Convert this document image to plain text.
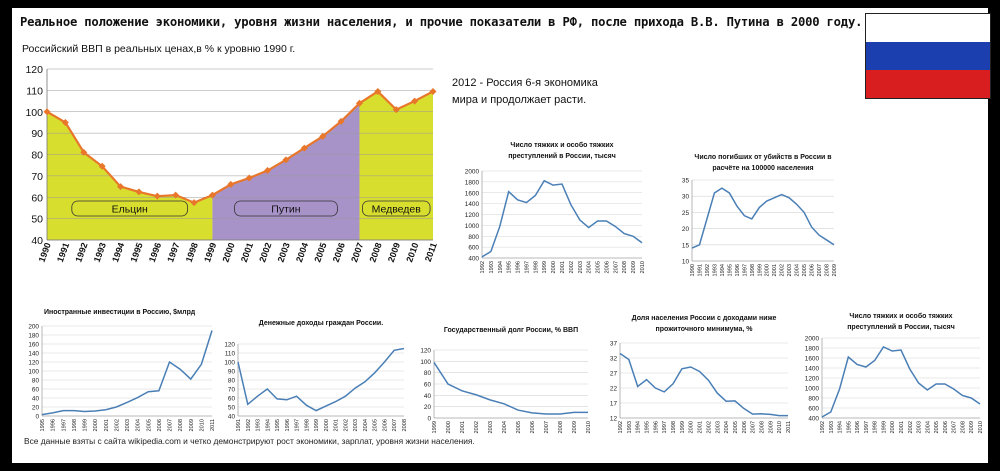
Реальное положение экономики, уровня жизни населения, и прочие показатели в РФ, после прихода В.В. Путина в 2000 году.
Российский ВВП в реальных ценах,в % к уровню 1990 г.
40
50
60
70
80
90
100
110
120
1990 1991 1992 1993 1994 1995 1996 1997 1998 1999 2000 2001 2002 2003 2004 2005 2006 2007 2008 2009 2010 2011
Ельцин	Путин	Медведев
2012 - Россия 6-я экономика
мира и продолжает расти.
Число тяжких и особо тяжких
преступлений в России, тысяч
400
600
800
1000
1200
1400
1600
1800
2000
1992 1993 1994 1995 1996 1997 1998 1999 2000 2001 2002 2003 2004 2005 2006 2007 2008 2009 2010
Число погибших от убийств в России в
расчёте на 100000 населения
10
15
20
25
30
35
1990 1991 1992 1993 1994 1995 1996 1997 1998 1999 2000 2001 2002 2003 2004 2005 2006 2007 2008 2009
Иностранные инвестиции в Россию, $млрд
0
20
40
60
80
100
120
140
160
180
200
1995 1996 1997 1998 1999 2000 2001 2002 2003 2004 2005 2006 2007 2008 2009 2010 2011
Денежные доходы граждан России.
40
50
60
70
80
90
100
110
120
1991 1992 1993 1994 1995 1996 1997 1998 1999 2000 2001 2002 2003 2004 2005 2006 2007 2008
Государственный долг России, % ВВП
0
20
40
60
80
100
120
1999 2000 2001 2002 2003 2004 2005 2006 2007 2008 2009 2010
Доля населения России с доходами ниже
прожиточного минимума, %
12
17
22
27
32
37
1992 1993 1994 1995 1996 1997 1998 1999 2000 2001 2002 2003 2004 2005 2006 2007 2008 2009 2010 2011
Число тяжких и особо тяжких
преступлений в России, тысяч
400
600
800
1000
1200
1400
1600
1800
2000
1992 1993 1994 1995 1996 1997 1998 1999 2000 2001 2002 2003 2004 2005 2006 2007 2008 2009 2010
Все данные взяты с сайта wikipedia.com и четко демонстрируют рост экономики, зарплат, уровня жизни населения.
